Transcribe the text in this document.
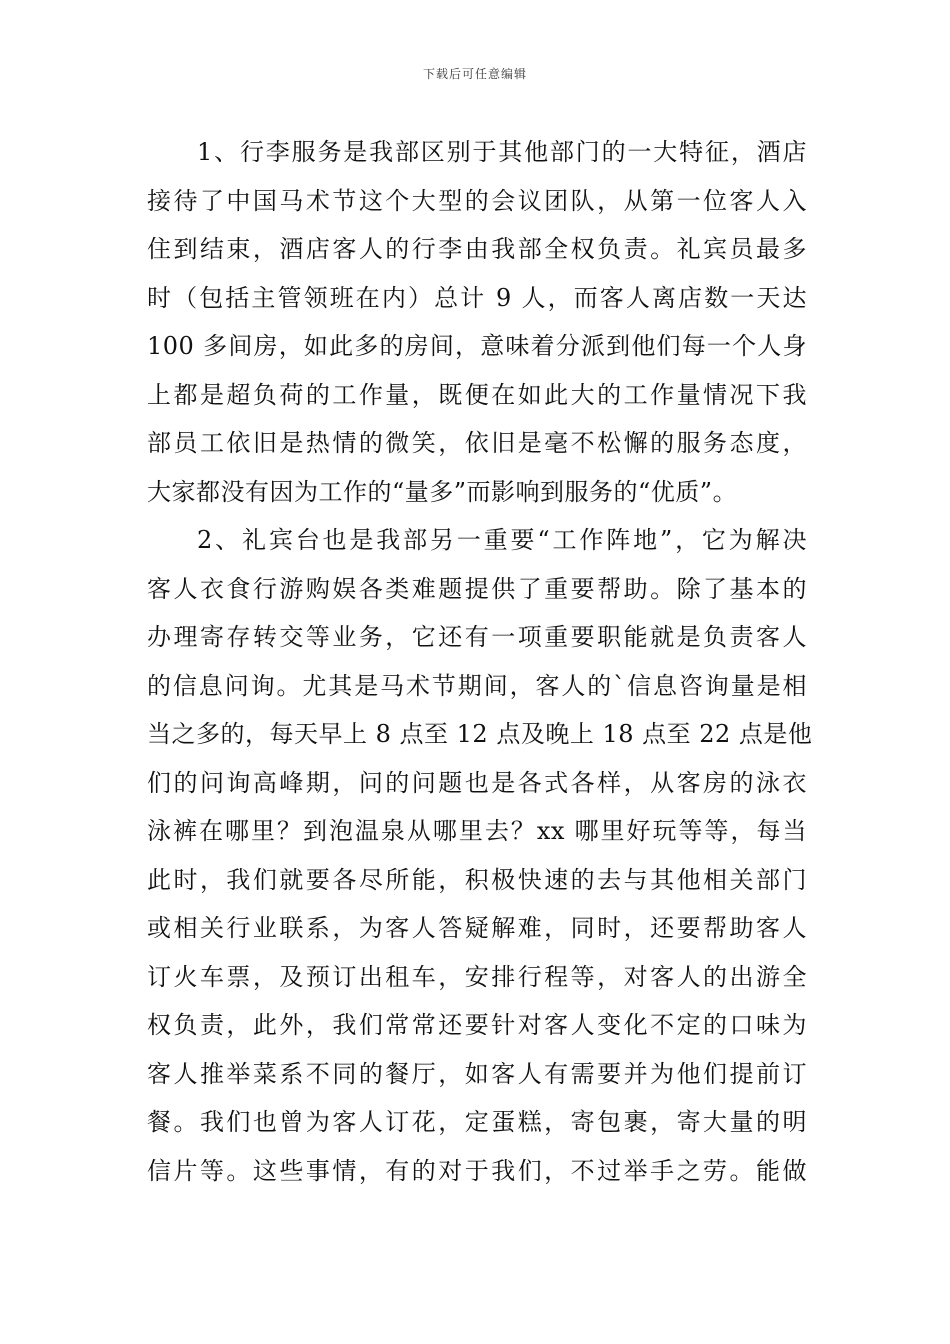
下载后可任意编辑
1、行李服务是我部区别于其他部门的一大特征，酒店
接待了中国马术节这个大型的会议团队，从第一位客人入
住到结束，酒店客人的行李由我部全权负责。礼宾员最多
时（包括主管领班在内）总计 9 人，而客人离店数一天达
100 多间房，如此多的房间，意味着分派到他们每一个人身
上都是超负荷的工作量，既便在如此大的工作量情况下我
部员工依旧是热情的微笑，依旧是毫不松懈的服务态度，
大家都没有因为工作的“量多”而影响到服务的“优质”。
2、礼宾台也是我部另一重要“工作阵地”，它为解决
客人衣食行游购娱各类难题提供了重要帮助。除了基本的
办理寄存转交等业务，它还有一项重要职能就是负责客人
的信息问询。尤其是马术节期间，客人的`信息咨询量是相
当之多的，每天早上 8 点至 12 点及晚上 18 点至 22 点是他
们的问询高峰期，问的问题也是各式各样，从客房的泳衣
泳裤在哪里？到泡温泉从哪里去？xx 哪里好玩等等，每当
此时，我们就要各尽所能，积极快速的去与其他相关部门
或相关行业联系，为客人答疑解难，同时，还要帮助客人
订火车票，及预订出租车，安排行程等，对客人的出游全
权负责，此外，我们常常还要针对客人变化不定的口味为
客人推举菜系不同的餐厅，如客人有需要并为他们提前订
餐。我们也曾为客人订花，定蛋糕，寄包裹，寄大量的明
信片等。这些事情，有的对于我们，不过举手之劳。能做
